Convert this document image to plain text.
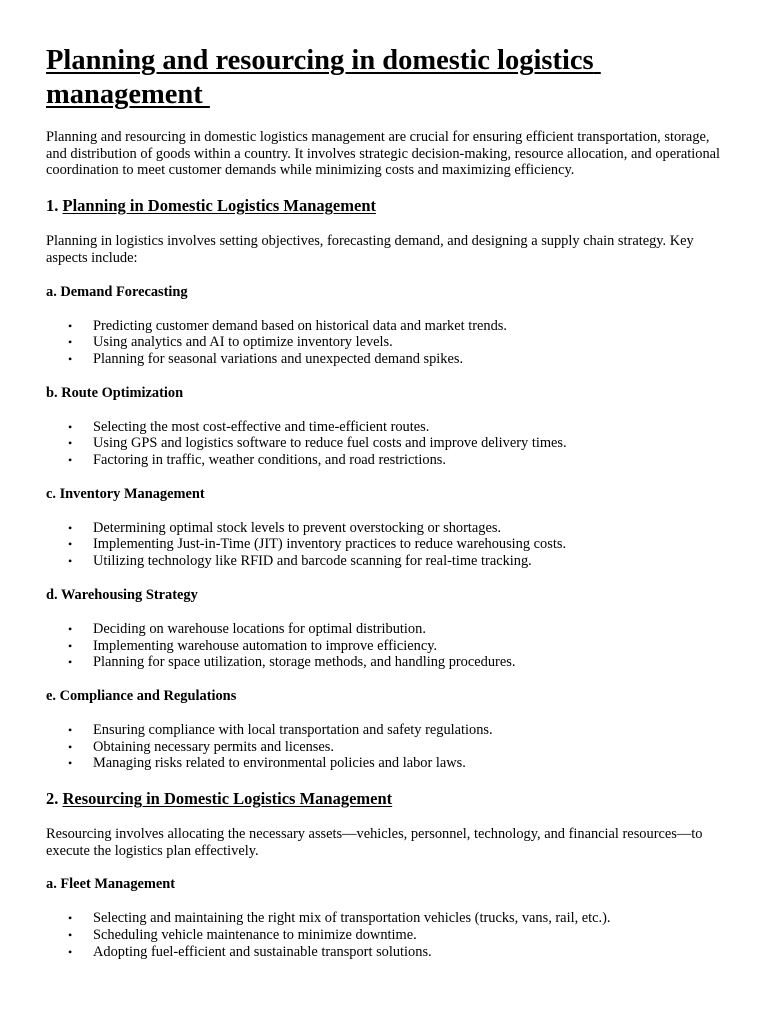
Planning and resourcing in domestic logistics management

Planning and resourcing in domestic logistics management are crucial for ensuring efficient transportation, storage, and distribution of goods within a country. It involves strategic decision-making, resource allocation, and operational coordination to meet customer demands while minimizing costs and maximizing efficiency.

1. Planning in Domestic Logistics Management

Planning in logistics involves setting objectives, forecasting demand, and designing a supply chain strategy. Key aspects include:

a. Demand Forecasting
• Predicting customer demand based on historical data and market trends.
• Using analytics and AI to optimize inventory levels.
• Planning for seasonal variations and unexpected demand spikes.
b. Route Optimization
• Selecting the most cost-effective and time-efficient routes.
• Using GPS and logistics software to reduce fuel costs and improve delivery times.
• Factoring in traffic, weather conditions, and road restrictions.
c. Inventory Management
• Determining optimal stock levels to prevent overstocking or shortages.
• Implementing Just-in-Time (JIT) inventory practices to reduce warehousing costs.
• Utilizing technology like RFID and barcode scanning for real-time tracking.
d. Warehousing Strategy
• Deciding on warehouse locations for optimal distribution.
• Implementing warehouse automation to improve efficiency.
• Planning for space utilization, storage methods, and handling procedures.
e. Compliance and Regulations
• Ensuring compliance with local transportation and safety regulations.
• Obtaining necessary permits and licenses.
• Managing risks related to environmental policies and labor laws.
2. Resourcing in Domestic Logistics Management

Resourcing involves allocating the necessary assets—vehicles, personnel, technology, and financial resources—to execute the logistics plan effectively.

a. Fleet Management
• Selecting and maintaining the right mix of transportation vehicles (trucks, vans, rail, etc.).
• Scheduling vehicle maintenance to minimize downtime.
• Adopting fuel-efficient and sustainable transport solutions.
